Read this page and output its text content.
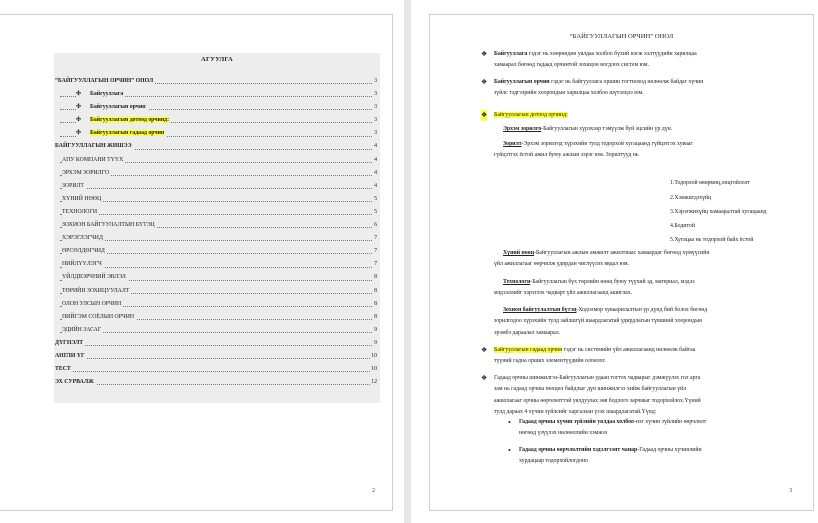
АГУУЛГА
“БАЙГУУЛЛАГЫН ОРЧИН” ОНОЛ	3
✣ Байгууллага	3
✣ Байгууллагын орчин	3
✣ Байгууллагын дотоод орчинд:	3
✣ Байгууллагын гадаад орчин	3
БАЙГУУЛЛАГЫН ЖИШЭЭ	4
АПУ КОМПАНИ ТҮҮХ	4
ЭРХЭМ ЗОРИЛГО	4
ЗОРИЛТ	4
ХҮНИЙ НӨӨЦ	5
ТЕХНОЛОГИ	5
ЗОХИОН БАЙГУУЛАЛТЫН БҮТЭЦ	6
ХЭРЭГЛЭГЧИД	7
ӨРСӨЛДӨГЧИД	7
НИЙЛҮҮЛЭГЧ	7
ҮЙЛДВЭРЧНИЙ ЭВЛЭЛ	8
ТӨРИЙН ЗОХИЦУУЛАЛТ	8
ОЛОН УЛСЫН ОРЧИН	8
НИЙГЭМ СОЁЛЫН ОРЧИН	8
ЭДИЙН ЗАСАГ	9
ДҮГНЭЛТ	9
АНГЛИ ҮГ	10
ТЕСТ	10
ЭХ СУРВАЛЖ	12
2
“БАЙГУУЛЛАГЫН ОРЧИН” ОНОЛ
❖ Байгууллага гэдэг нь хөөрөндөө уялдаа холбоо бүхий нэгж хэлтүүдийн харилцаа
хамаарал бөгөөд гадаад орчинтой зохицон ногдлох систем юм.
❖ Байгууллагын орчин гэдэг нь байгууллага оршин тогтноход нөлөөлж байдаг хүчин
зүйлс тэдгээрийн хоорондын харилцаа холбоо шүтэлцээ юм.
❖ Байгууллагын дотоод орчинд:
Эрхэм зорилго-Байгууллагын хүрэхээр тэмүүлж буй эцсийн үр дүн.
Зорилт-Эрхэм зорилгод хүрэхийн тулд тодорхой хугацаанд гүйцэтгэх хувааг
гүйцэтгэх ёстой ажил буюу ажлын зэрэг юм. Зорилтууд нь
1.Тодорхой өвөрмөц,онцгойлолт
2.Хэмжигдэхүйц
3.Хэрэгжихүйц хамааралтай хугацаанд
4.Бодитой
5.Хугацаа нь тодорхой байх ёстой
Хүний нөөц-Байгууллагын ажлын амжилт ажилтнаас хамаардаг бөгөөд хүмүүсийн
үйл ажиллагааг өөрчилж удирдан чиглүүлэх явдал юм.
Технологи-Байгууллагын бүх төрлийн нөөц буюу түүхий эд, материал, мэдээ
мэдээллийг хэрэглэх чадварт үйл ажиллагаанд ашиглах.
Зохион байгуулалтын бүтэц-Ходолмор хуваарилалтын үр дүнд бий болох бөгөөд
зорилгодоо хүрэхийн тулд зайлшгүй шаардлагатай удирдлагын түвшний хоорондын
эрэмбэ дараалал хамаарал.
❖ Байгууллагын гадаад орчин гэдэг нь системийн үйл ажиллагаанд нөлөөлж байгаа
түүний гадна орших элементүүдийн олонлог.
❖ Гадаад орчны шинжилгээ-Байгууллагын удаан тогтох чадварыг дэмжүүлэх гол арга
зам нь гадаад орчны нөхцөл байдлыг дүн шинжилгээ хийж байгууллагын үйл
ажиллагааг орчны өөрчлөлттэй уялдуулах зөв бодлого зарчмыг тодорхойлох.Үүний
тулд дараах 4 хүчин зүйлсийг харгалзан үзэх шаардлагатай.Үүнд:
• Гадаад орчны хүчин зүйлийн уялдаа холбоо-нэг хүчин зүйлийн өөрчлөлт
нөгөөд үзүүлэх нөлөөллийн хэмжээ
• Гадаад орчны өөрчлөлтийн хэдэлгээнт чанар-Гадаад орчны хүчинлийн
хурдацаар тодорхойлогдоно
3
